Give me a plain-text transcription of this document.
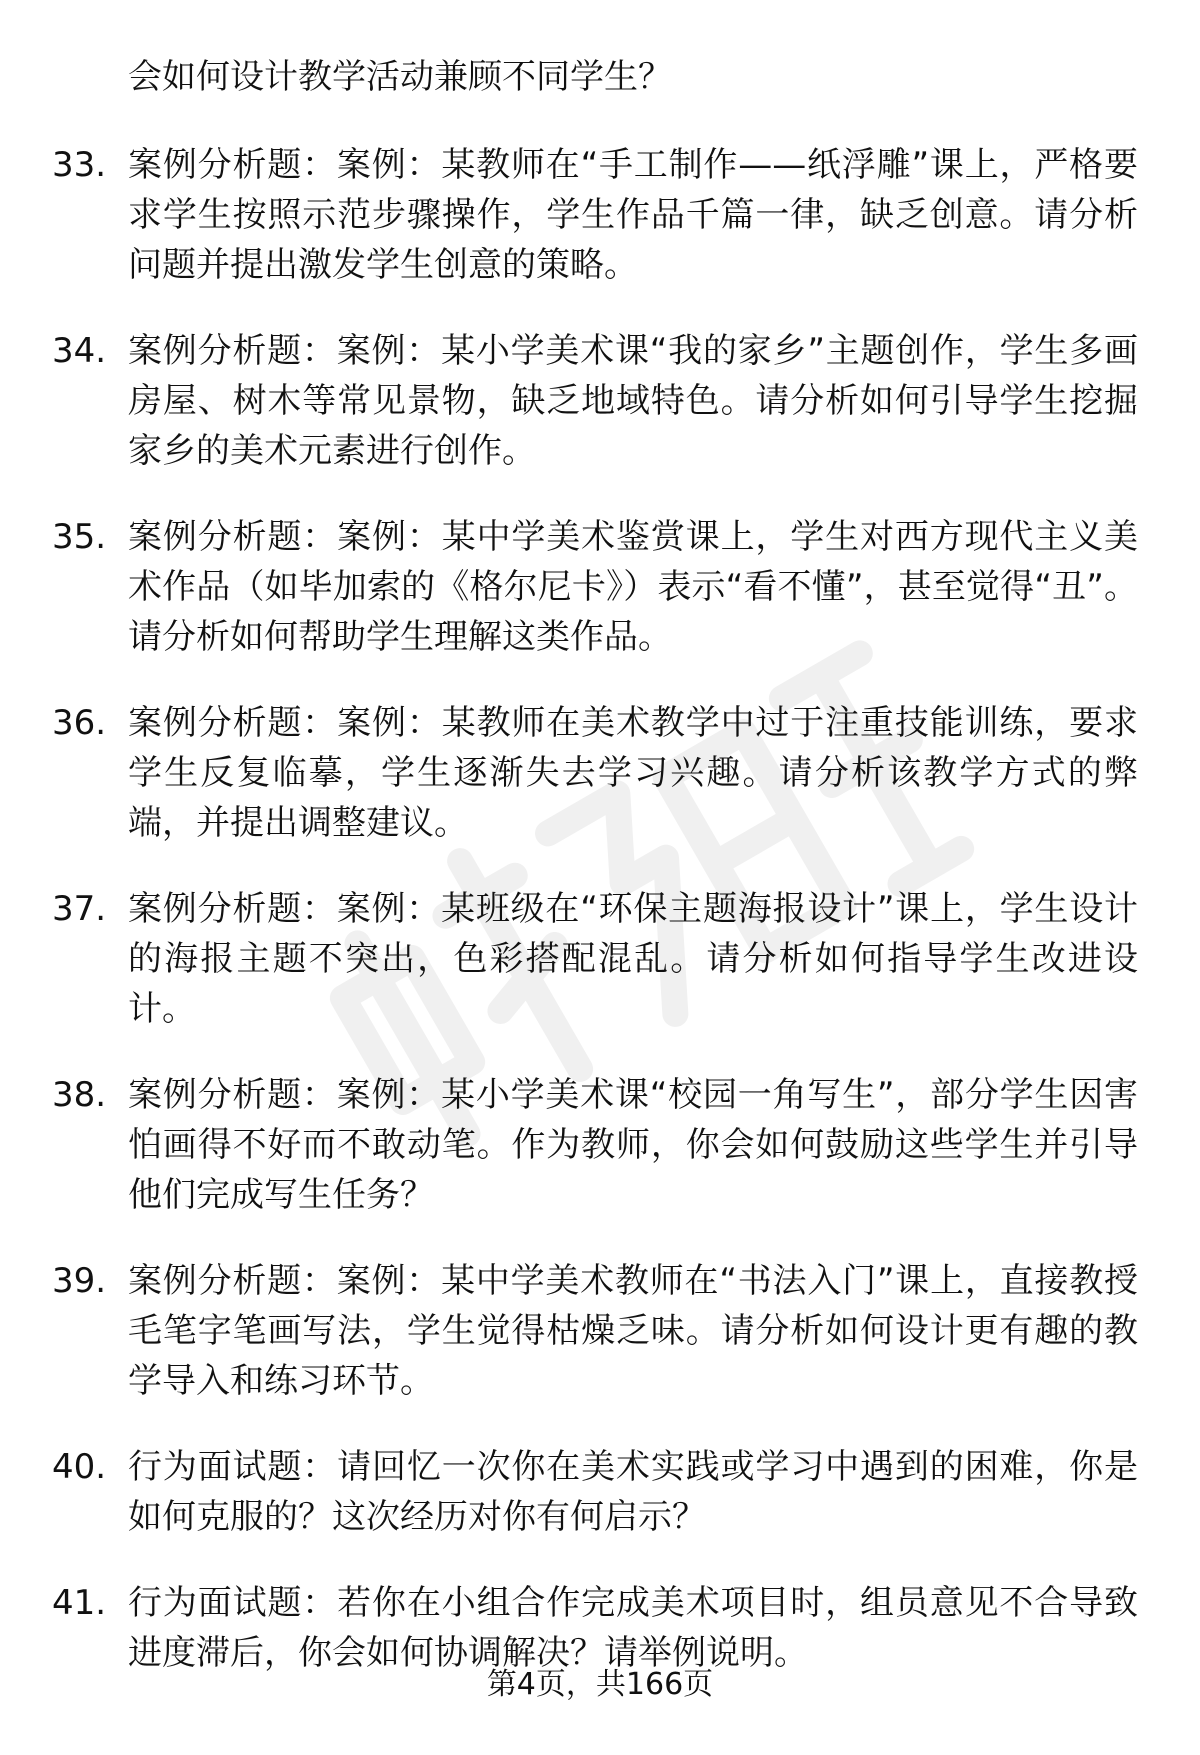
会如何设计教学活动兼顾不同学生？
33. 案例分析题：案例：某教师在“手工制作——纸浮雕”课上，严格要求学生按照示范步骤操作，学生作品千篇一律，缺乏创意。请分析问题并提出激发学生创意的策略。
34. 案例分析题：案例：某小学美术课“我的家乡”主题创作，学生多画房屋、树木等常见景物，缺乏地域特色。请分析如何引导学生挖掘家乡的美术元素进行创作。
35. 案例分析题：案例：某中学美术鉴赏课上，学生对西方现代主义美术作品（如毕加索的《格尔尼卡》）表示“看不懂”，甚至觉得“丑”。请分析如何帮助学生理解这类作品。
36. 案例分析题：案例：某教师在美术教学中过于注重技能训练，要求学生反复临摹，学生逐渐失去学习兴趣。请分析该教学方式的弊端，并提出调整建议。
37. 案例分析题：案例：某班级在“环保主题海报设计”课上，学生设计的海报主题不突出，色彩搭配混乱。请分析如何指导学生改进设计。
38. 案例分析题：案例：某小学美术课“校园一角写生”，部分学生因害怕画得不好而不敢动笔。作为教师，你会如何鼓励这些学生并引导他们完成写生任务？
39. 案例分析题：案例：某中学美术教师在“书法入门”课上，直接教授毛笔字笔画写法，学生觉得枯燥乏味。请分析如何设计更有趣的教学导入和练习环节。
40. 行为面试题：请回忆一次你在美术实践或学习中遇到的困难，你是如何克服的？这次经历对你有何启示？
41. 行为面试题：若你在小组合作完成美术项目时，组员意见不合导致进度滞后，你会如何协调解决？请举例说明。
第4页，共166页
